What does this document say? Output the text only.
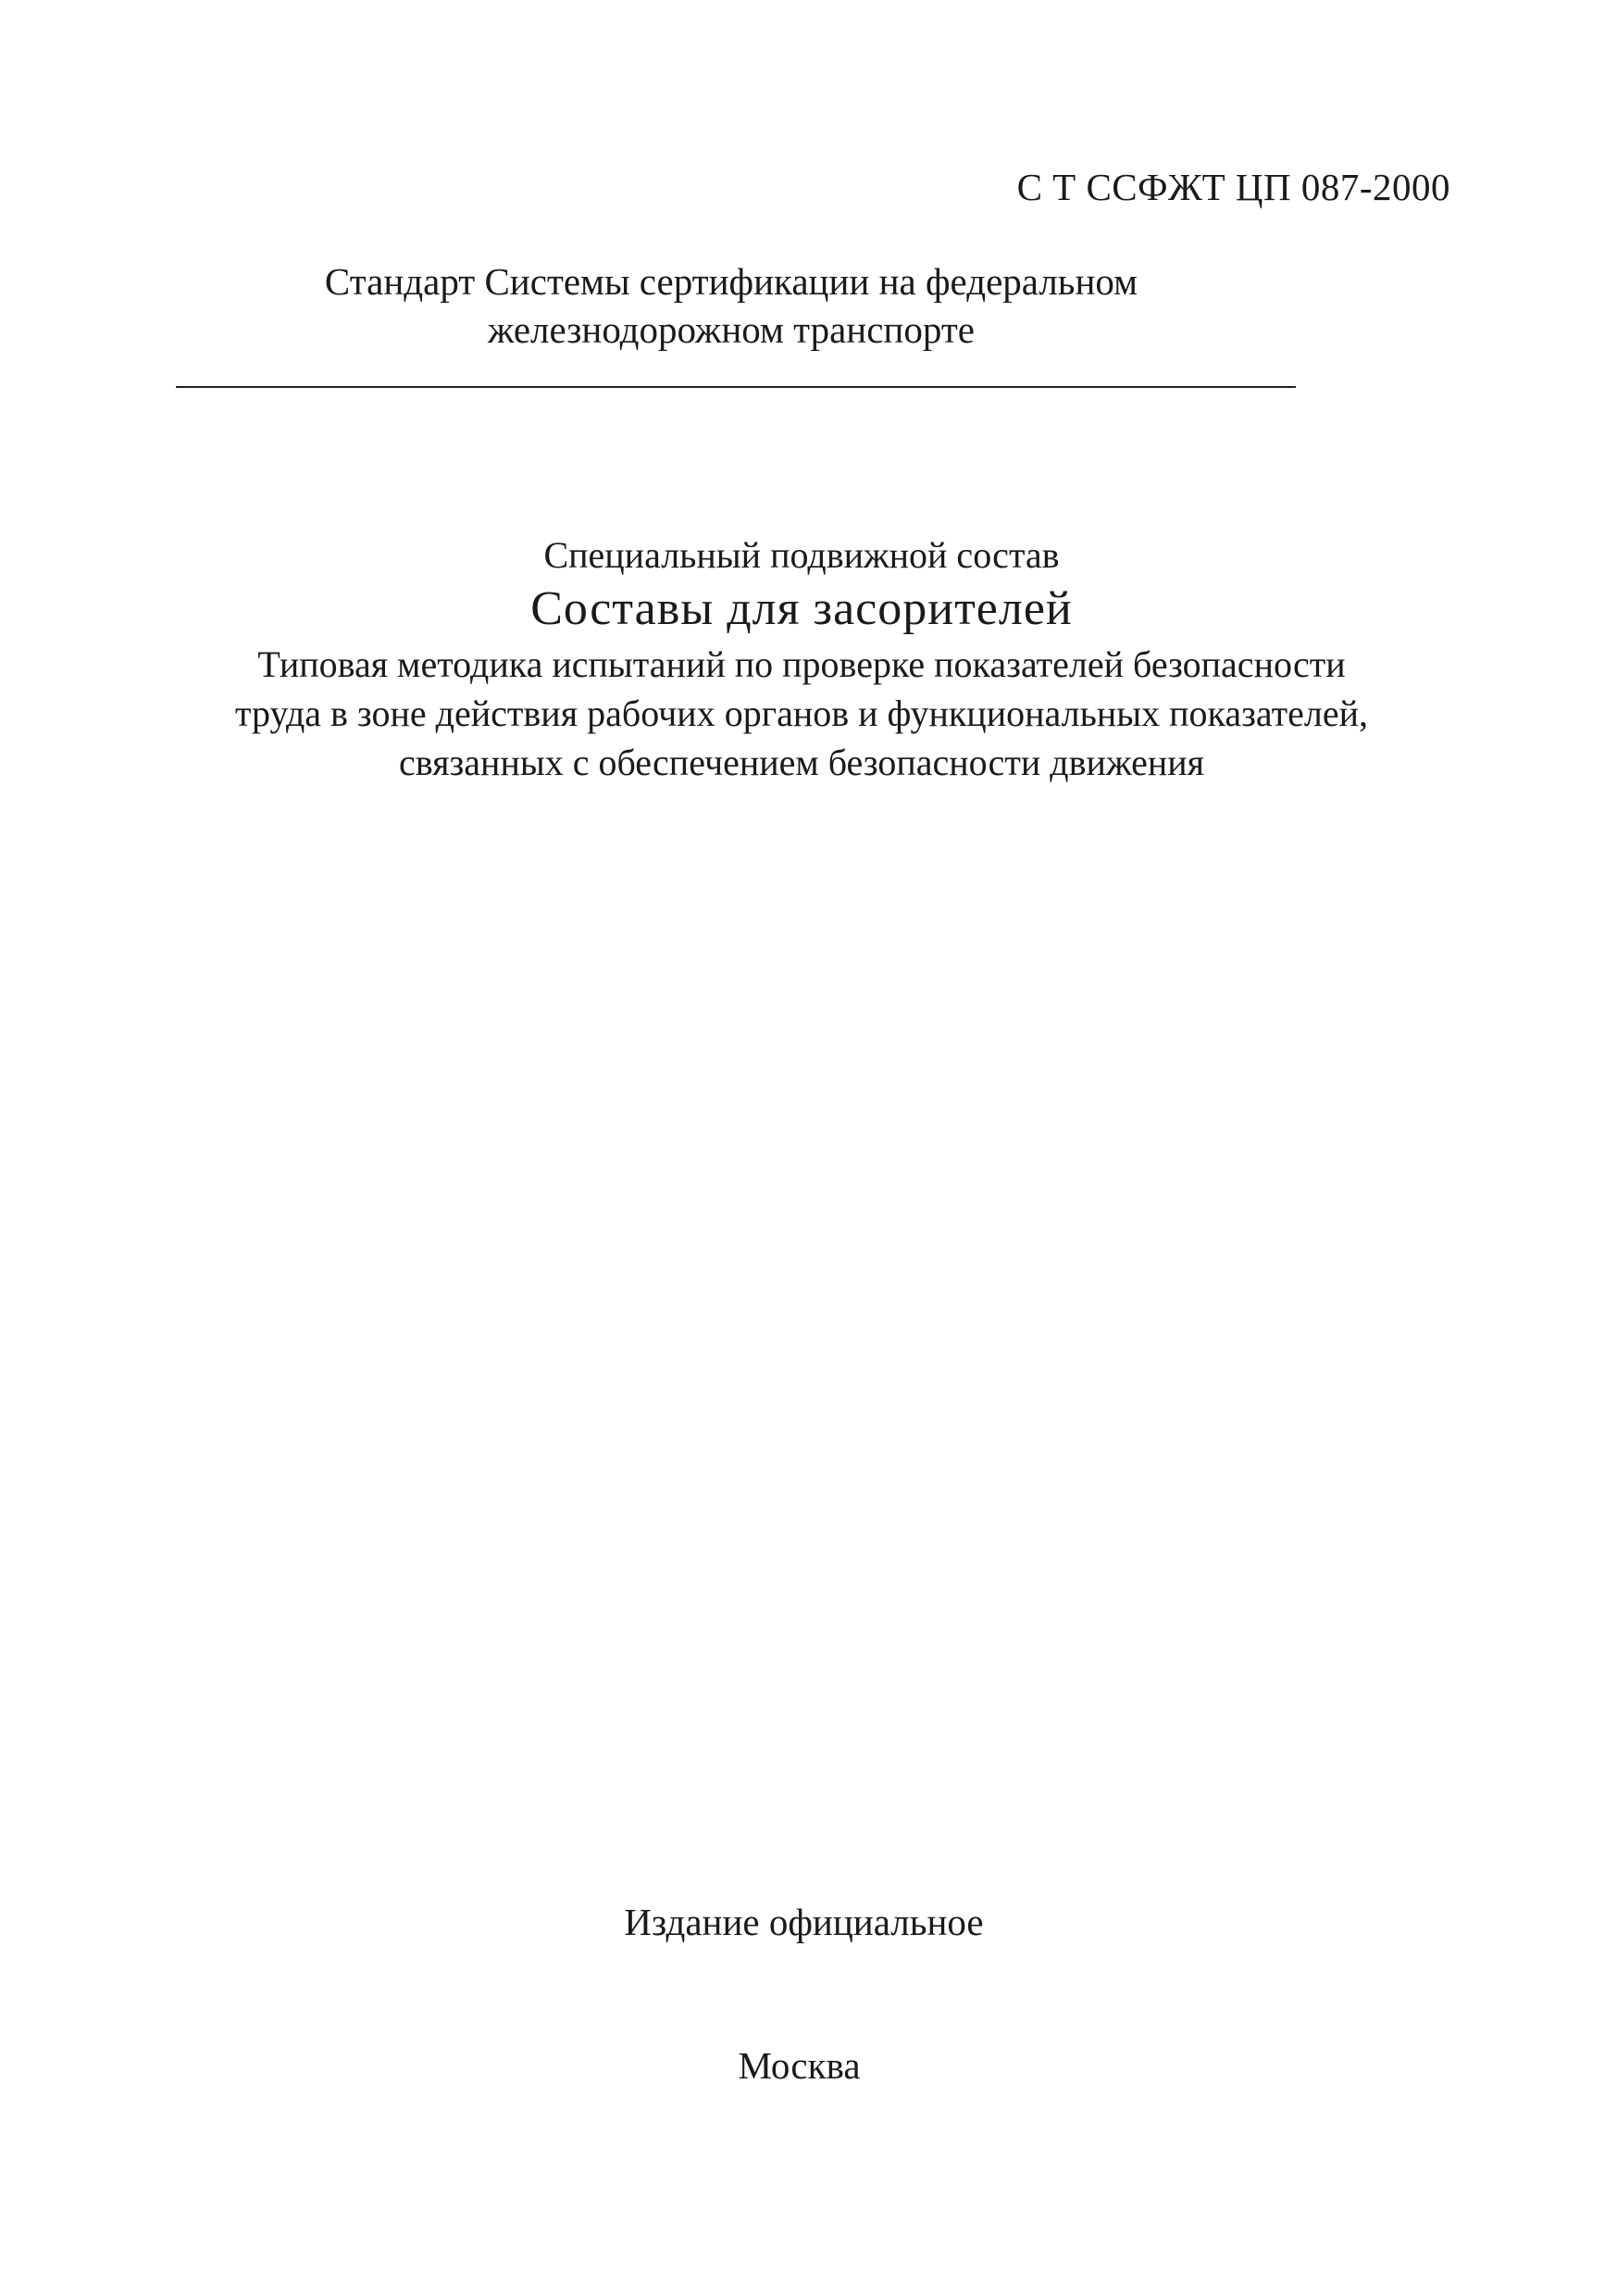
С Т ССФЖТ ЦП 087-2000
Стандарт Системы сертификации на федеральном
железнодорожном транспорте
Специальный подвижной состав
Составы для засорителей
Типовая методика испытаний по проверке показателей безопасности
труда в зоне действия рабочих органов и функциональных показателей,
связанных с обеспечением безопасности движения
Издание официальное
Москва
